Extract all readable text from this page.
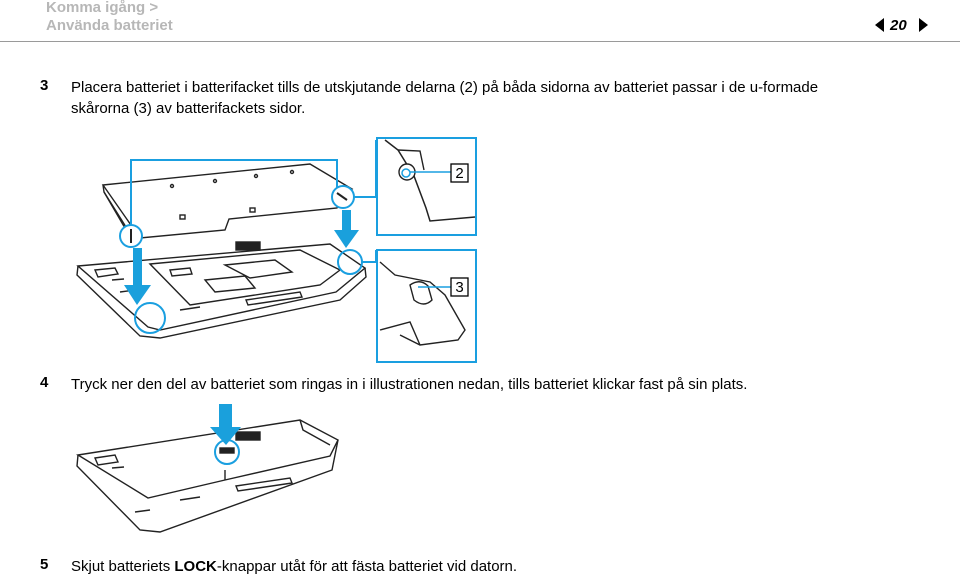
Komma igång >
Använda batteriet	20
3 Placera batteriet i batterifacket tills de utskjutande delarna (2) på båda sidorna av batteriet passar i de u-formade
skårorna (3) av batterifackets sidor.
2
3
4 Tryck ner den del av batteriet som ringas in i illustrationen nedan, tills batteriet klickar fast på sin plats.
5 Skjut batteriets LOCK-knappar utåt för att fästa batteriet vid datorn.
